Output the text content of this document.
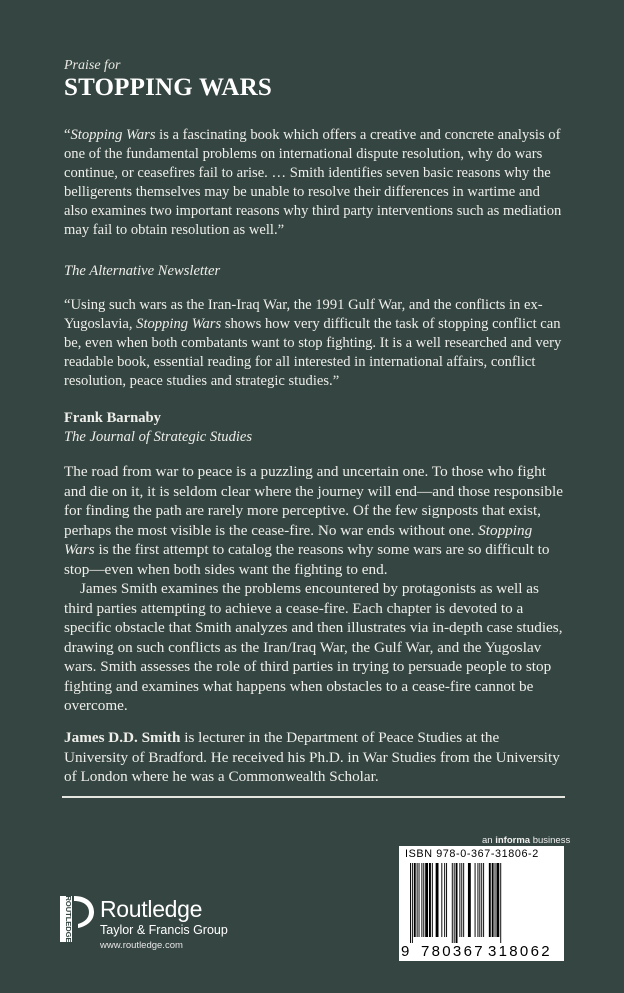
Praise for
STOPPING WARS

“Stopping Wars is a fascinating book which offers a creative and concrete analysis of one of the fundamental problems on international dispute resolution, why do wars continue, or ceasefires fail to arise. … Smith identifies seven basic reasons why the belligerents themselves may be unable to resolve their differences in wartime and also examines two important reasons why third party interventions such as mediation may fail to obtain resolution as well.”

The Alternative Newsletter

“Using such wars as the Iran-Iraq War, the 1991 Gulf War, and the conflicts in ex-Yugoslavia, Stopping Wars shows how very difficult the task of stopping conflict can be, even when both combatants want to stop fighting. It is a well researched and very readable book, essential reading for all interested in international affairs, conflict resolution, peace studies and strategic studies.”

Frank Barnaby
The Journal of Strategic Studies

The road from war to peace is a puzzling and uncertain one. To those who fight and die on it, it is seldom clear where the journey will end—and those responsible for finding the path are rarely more perceptive. Of the few signposts that exist, perhaps the most visible is the cease-fire. No war ends without one. Stopping Wars is the first attempt to catalog the reasons why some wars are so difficult to stop—even when both sides want the fighting to end.

James Smith examines the problems encountered by protagonists as well as third parties attempting to achieve a cease-fire. Each chapter is devoted to a specific obstacle that Smith analyzes and then illustrates via in-depth case studies, drawing on such conflicts as the Iran/Iraq War, the Gulf War, and the Yugoslav wars. Smith assesses the role of third parties in trying to persuade people to stop fighting and examines what happens when obstacles to a cease-fire cannot be overcome.

James D.D. Smith is lecturer in the Department of Peace Studies at the University of Bradford. He received his Ph.D. in War Studies from the University of London where he was a Commonwealth Scholar.

an informa business
ISBN 978-0-367-31806-2
9 780367 318062
ROUTLEDGE Routledge
Taylor & Francis Group
www.routledge.com
